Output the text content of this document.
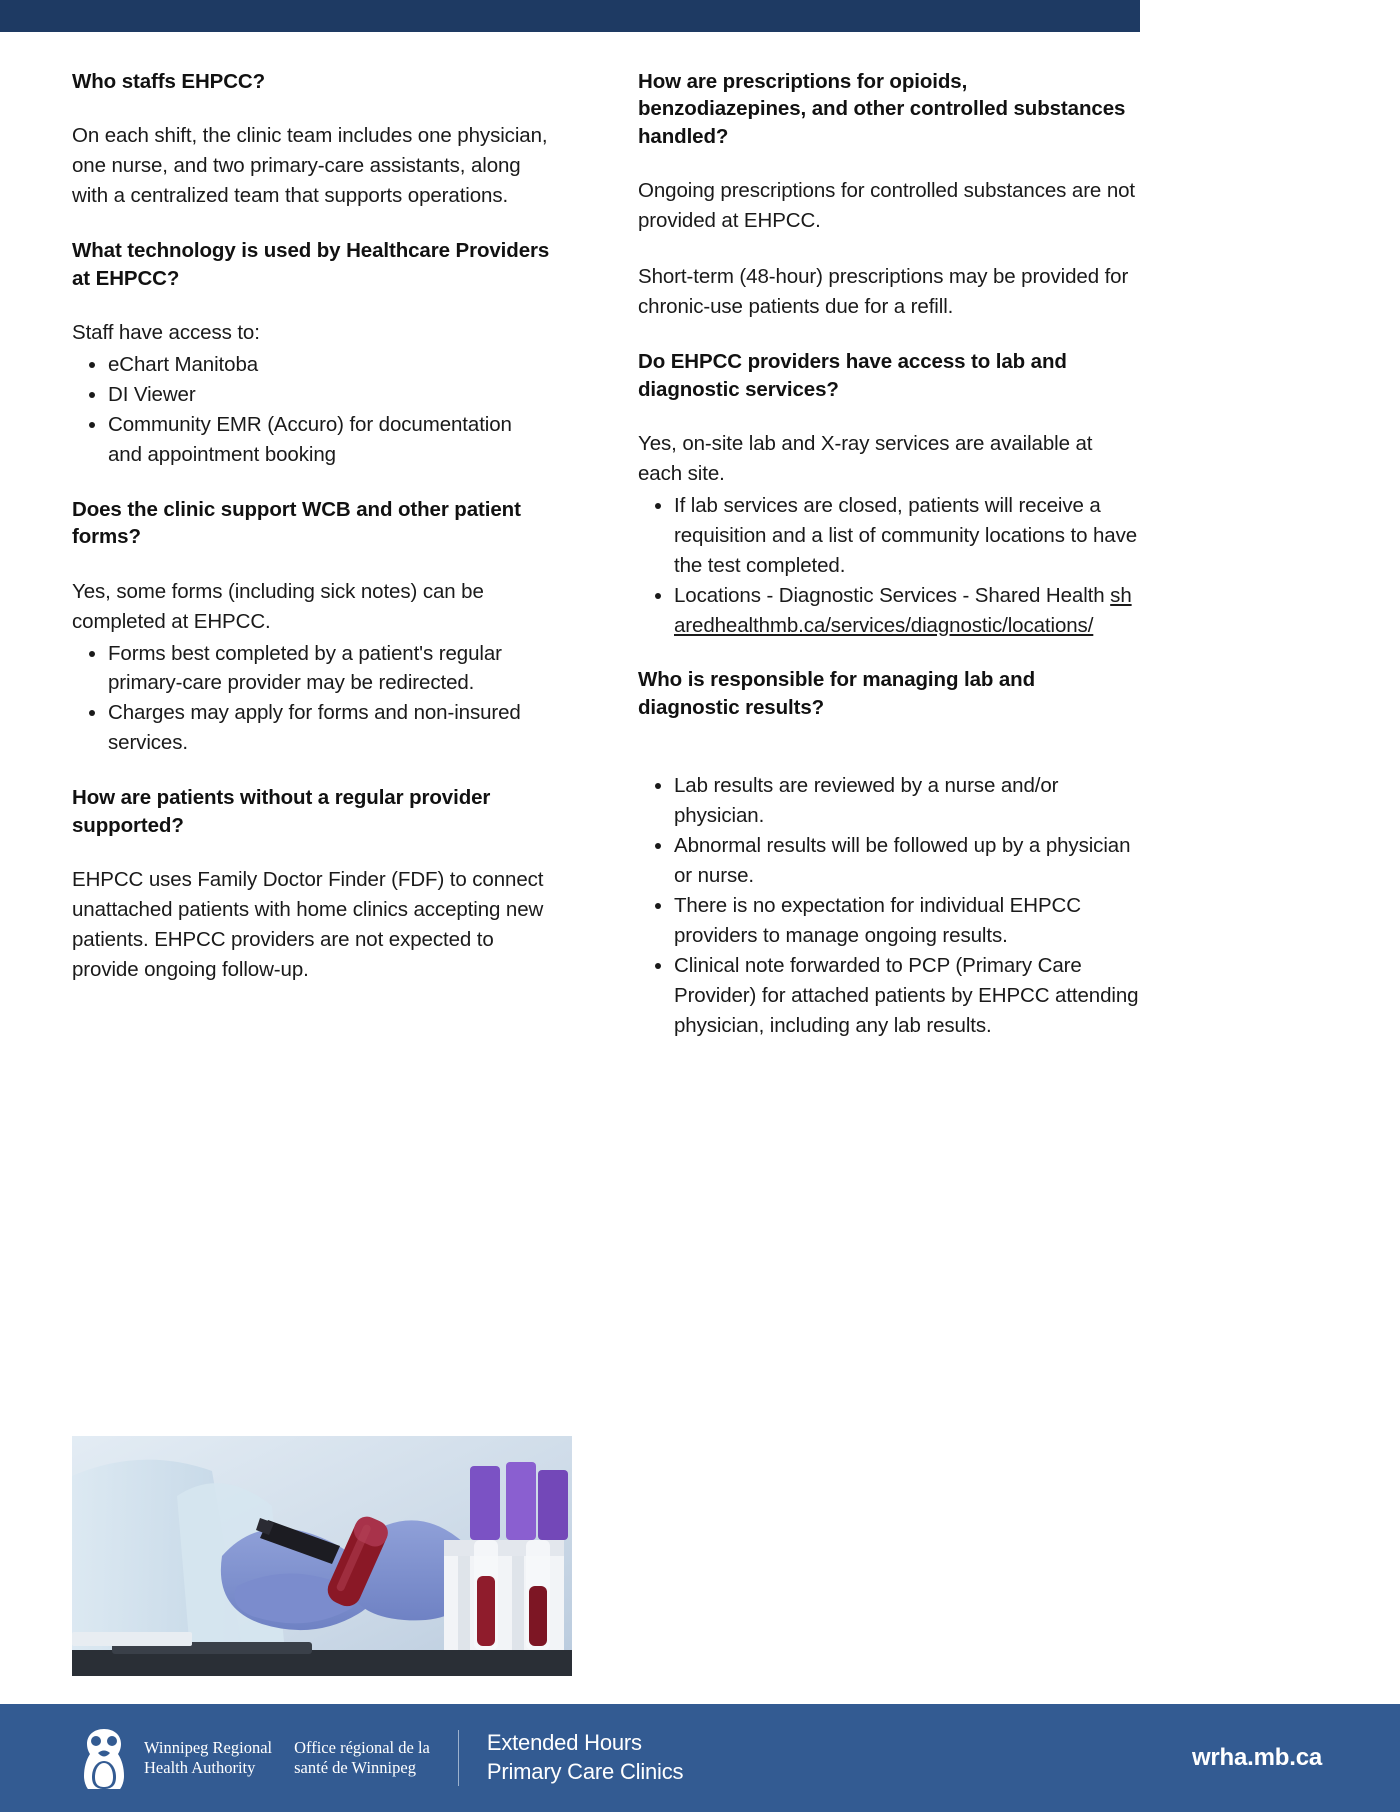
Who staffs EHPCC?

On each shift, the clinic team includes one physician, one nurse, and two primary-care assistants, along with a centralized team that supports operations.

What technology is used by Healthcare Providers at EHPCC?

Staff have access to:

eChart Manitoba
DI Viewer
Community EMR (Accuro) for documentation and appointment booking
Does the clinic support WCB and other patient forms?

Yes, some forms (including sick notes) can be completed at EHPCC.

Forms best completed by a patient's regular primary-care provider may be redirected.
Charges may apply for forms and non-insured services.
How are patients without a regular provider supported?

EHPCC uses Family Doctor Finder (FDF) to connect unattached patients with home clinics accepting new patients. EHPCC providers are not expected to provide ongoing follow-up.

How are prescriptions for opioids, benzodiazepines, and other controlled substances handled?

Ongoing prescriptions for controlled substances are not provided at EHPCC.

Short-term (48-hour) prescriptions may be provided for chronic-use patients due for a refill.

Do EHPCC providers have access to lab and diagnostic services?

Yes, on-site lab and X-ray services are available at each site.

If lab services are closed, patients will receive a requisition and a list of community locations to have the test completed.
Locations - Diagnostic Services - Shared Health sharedhealthmb.ca/services/diagnostic/locations/
Who is responsible for managing lab and diagnostic results?
Lab results are reviewed by a nurse and/or physician.
Abnormal results will be followed up by a physician or nurse.
There is no expectation for individual EHPCC providers to manage ongoing results.
Clinical note forwarded to PCP (Primary Care Provider) for attached patients by EHPCC attending physician, including any lab results.
Winnipeg Regional
Health Authority
Office régional de la
santé de Winnipeg
Extended Hours
Primary Care Clinics
wrha.mb.ca
